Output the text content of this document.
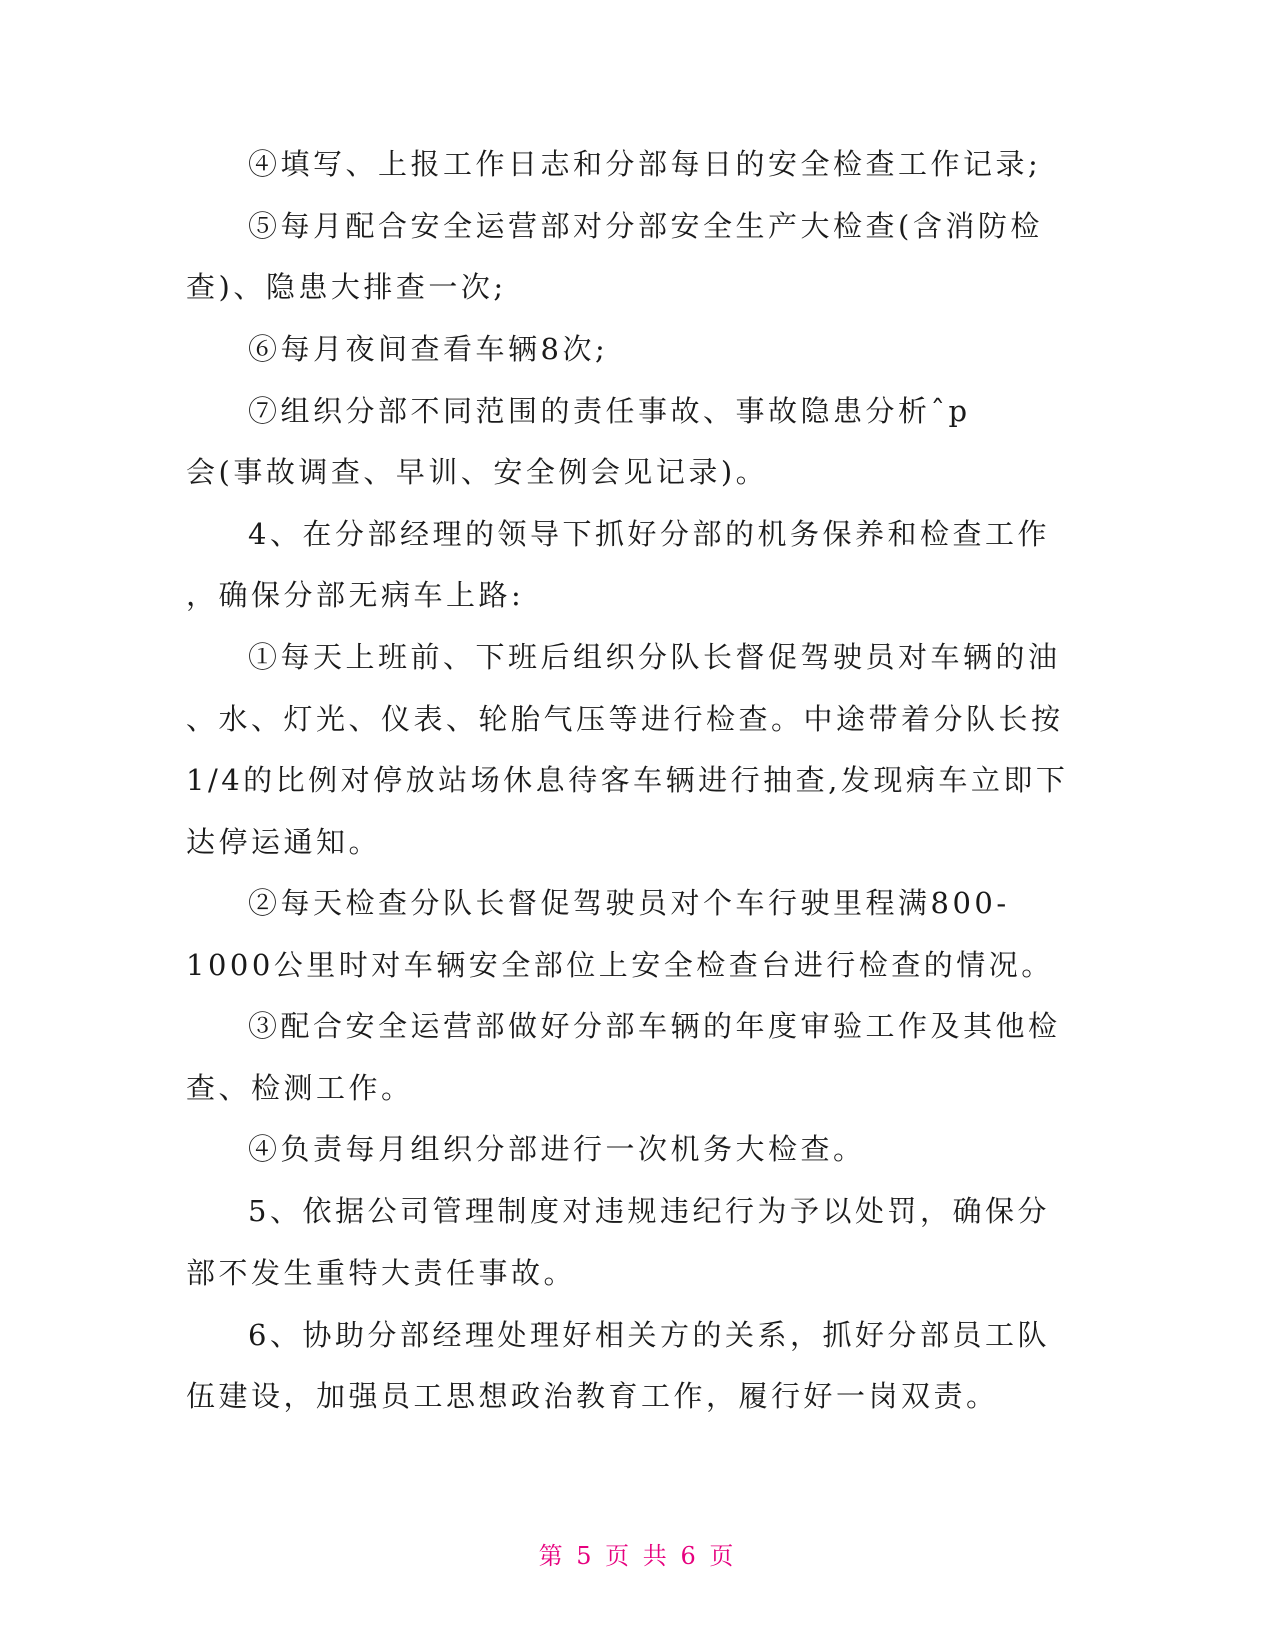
④填写、上报工作日志和分部每日的安全检查工作记录;
⑤每月配合安全运营部对分部安全生产大检查(含消防检
查)、隐患大排查一次;
⑥每月夜间查看车辆8次;
⑦组织分部不同范围的责任事故、事故隐患分析ˆp
会(事故调查、早训、安全例会见记录)。
4、在分部经理的领导下抓好分部的机务保养和检查工作
，确保分部无病车上路:
①每天上班前、下班后组织分队长督促驾驶员对车辆的油
、水、灯光、仪表、轮胎气压等进行检查。中途带着分队长按
1/4的比例对停放站场休息待客车辆进行抽查,发现病车立即下
达停运通知。
②每天检查分队长督促驾驶员对个车行驶里程满800-
1000公里时对车辆安全部位上安全检查台进行检查的情况。
③配合安全运营部做好分部车辆的年度审验工作及其他检
查、检测工作。
④负责每月组织分部进行一次机务大检查。
5、依据公司管理制度对违规违纪行为予以处罚，确保分
部不发生重特大责任事故。
6、协助分部经理处理好相关方的关系，抓好分部员工队
伍建设，加强员工思想政治教育工作，履行好一岗双责。
第 5 页 共 6 页
